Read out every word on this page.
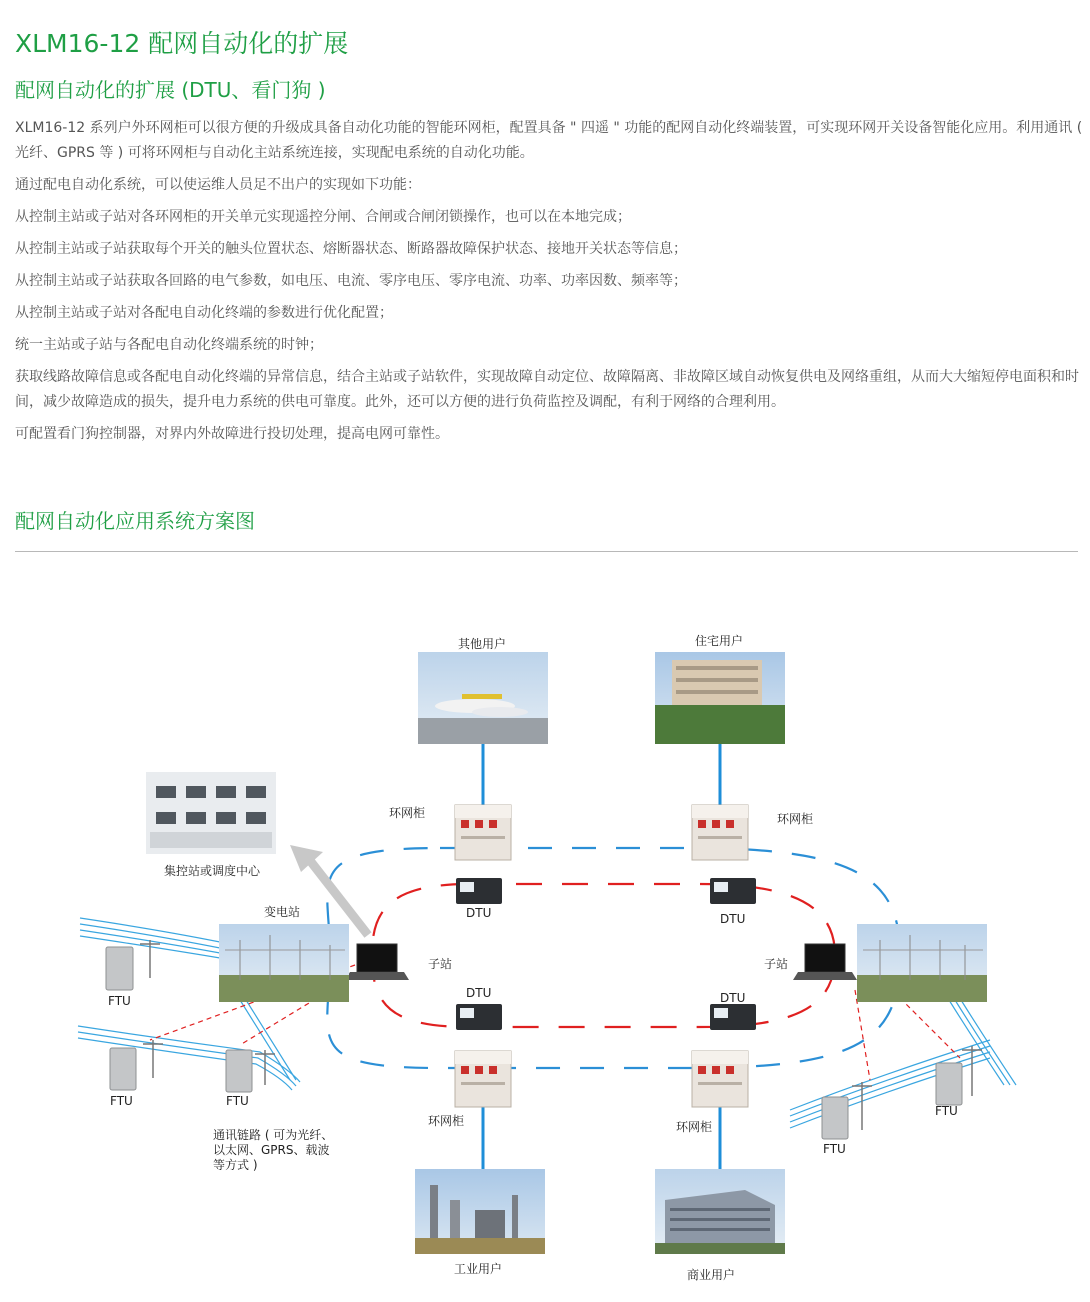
XLM16-12 配网自动化的扩展
配网自动化的扩展 (DTU、看门狗 )

XLM16-12 系列户外环网柜可以很方便的升级成具备自动化功能的智能环网柜，配置具备 " 四遥 " 功能的配网自动化终端装置，可实现环网开关设备智能化应用。利用通讯 ( 光纤、GPRS 等 ) 可将环网柜与自动化主站系统连接，实现配电系统的自动化功能。

通过配电自动化系统，可以使运维人员足不出户的实现如下功能：

从控制主站或子站对各环网柜的开关单元实现遥控分闸、合闸或合闸闭锁操作，也可以在本地完成；

从控制主站或子站获取每个开关的触头位置状态、熔断器状态、断路器故障保护状态、接地开关状态等信息；

从控制主站或子站获取各回路的电气参数，如电压、电流、零序电压、零序电流、功率、功率因数、频率等；

从控制主站或子站对各配电自动化终端的参数进行优化配置；

统一主站或子站与各配电自动化终端系统的时钟；

获取线路故障信息或各配电自动化终端的异常信息，结合主站或子站软件，实现故障自动定位、故障隔离、非故障区域自动恢复供电及网络重组，从而大大缩短停电面积和时间，减少故障造成的损失，提升电力系统的供电可靠度。此外，还可以方便的进行负荷监控及调配，有利于网络的合理利用。

可配置看门狗控制器，对界内外故障进行投切处理，提高电网可靠性。

配网自动化应用系统方案图
其他用户	住宅用户
集控站或调度中心
变电站
环网柜	环网柜
环网柜	环网柜
DTU	DTU
DTU	DTU
子站	子站
FTU
FTU	FTU
FTU
FTU
通讯链路 ( 可为光纤、
以太网、GPRS、载波
等方式 )
工业用户	商业用户
